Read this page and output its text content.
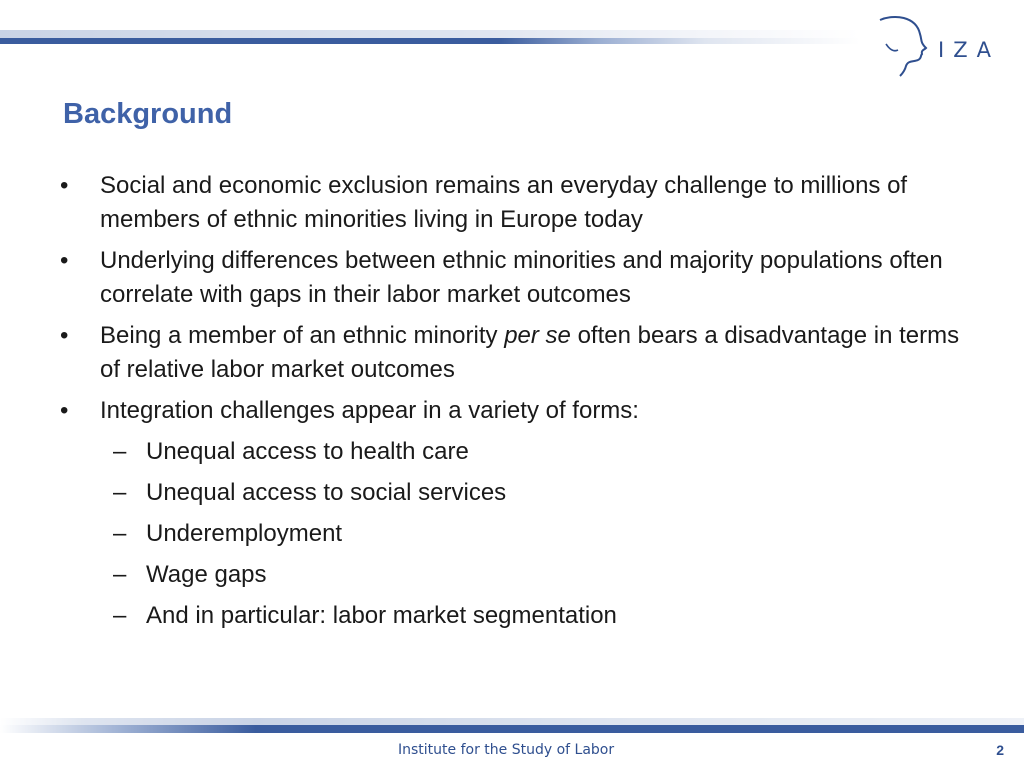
IZA
Background
• Social and economic exclusion remains an everyday challenge to millions of members of ethnic minorities living in Europe today
• Underlying differences between ethnic minorities and majority populations often correlate with gaps in their labor market outcomes
• Being a member of an ethnic minority per se often bears a disadvantage in terms of relative labor market outcomes
• Integration challenges appear in a variety of forms:
– Unequal access to health care
– Unequal access to social services
– Underemployment
– Wage gaps
– And in particular: labor market segmentation
Institute for the Study of Labor	2
